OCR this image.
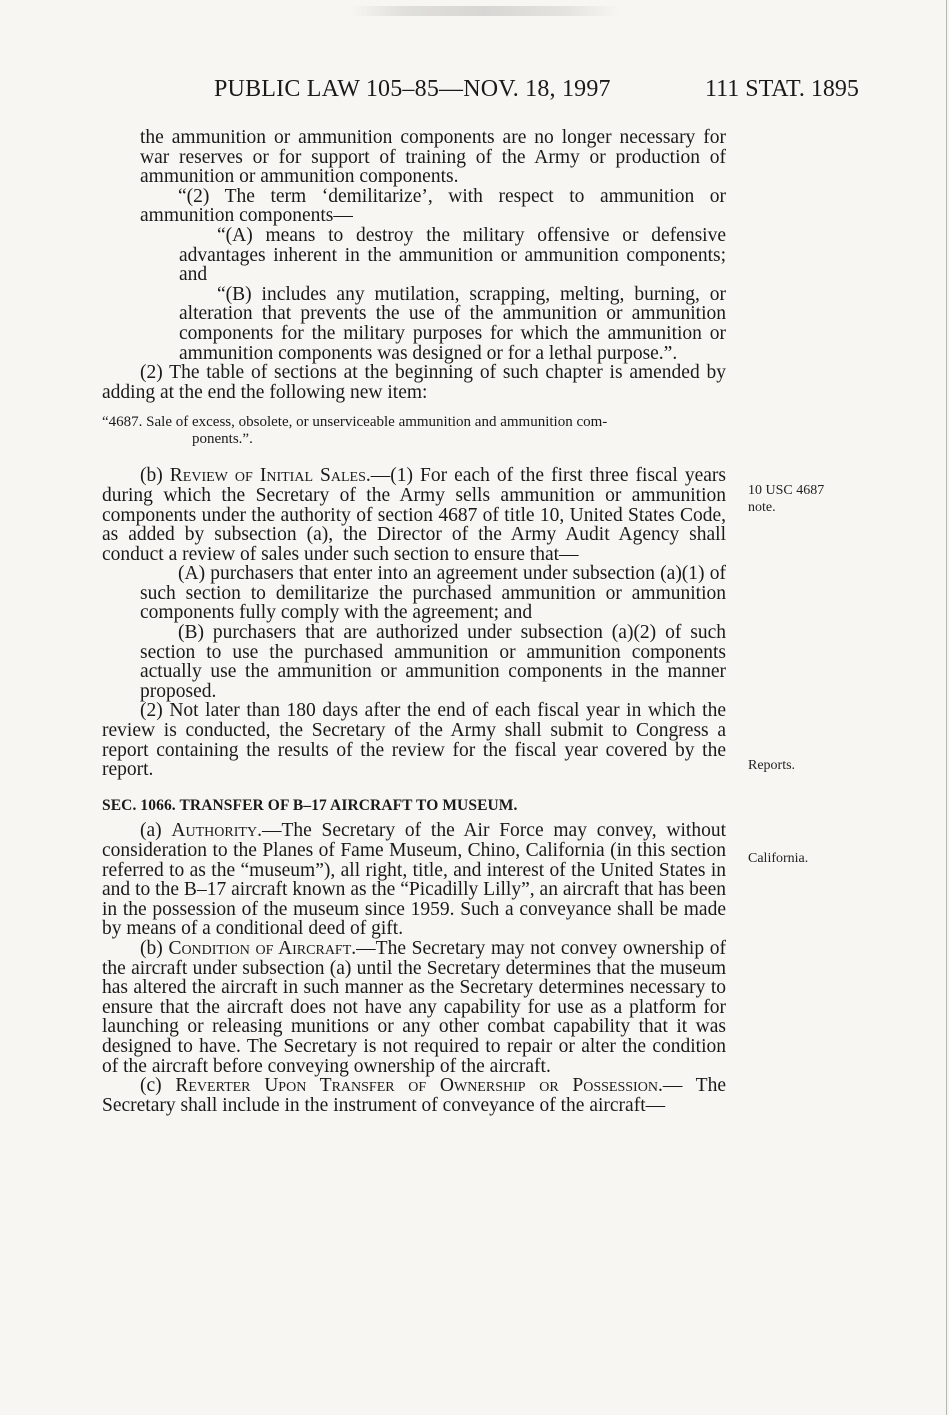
PUBLIC LAW 105–85—NOV. 18, 1997	111 STAT. 1895
10 USC 4687 note.
Reports.
California.

the ammunition or ammunition components are no longer necessary for war reserves or for support of training of the Army or production of ammunition or ammunition components.

“(2) The term ‘demilitarize’, with respect to ammunition or ammunition components—

“(A) means to destroy the military offensive or defensive advantages inherent in the ammunition or ammunition components; and

“(B) includes any mutilation, scrapping, melting, burning, or alteration that prevents the use of the ammunition or ammunition components for the military purposes for which the ammunition or ammunition components was designed or for a lethal purpose.”.

(2) The table of sections at the beginning of such chapter is amended by adding at the end the following new item:

“4687. Sale of excess, obsolete, or unserviceable ammunition and ammunition com-
ponents.”.

(b) Review of Initial Sales.—(1) For each of the first three fiscal years during which the Secretary of the Army sells ammunition or ammunition components under the authority of section 4687 of title 10, United States Code, as added by subsection (a), the Director of the Army Audit Agency shall conduct a review of sales under such section to ensure that—

(A) purchasers that enter into an agreement under subsection (a)(1) of such section to demilitarize the purchased ammunition or ammunition components fully comply with the agreement; and

(B) purchasers that are authorized under subsection (a)(2) of such section to use the purchased ammunition or ammunition components actually use the ammunition or ammunition components in the manner proposed.

(2) Not later than 180 days after the end of each fiscal year in which the review is conducted, the Secretary of the Army shall submit to Congress a report containing the results of the review for the fiscal year covered by the report.

SEC. 1066. TRANSFER OF B–17 AIRCRAFT TO MUSEUM.

(a) Authority.—The Secretary of the Air Force may convey, without consideration to the Planes of Fame Museum, Chino, California (in this section referred to as the “museum”), all right, title, and interest of the United States in and to the B–17 aircraft known as the “Picadilly Lilly”, an aircraft that has been in the possession of the museum since 1959. Such a conveyance shall be made by means of a conditional deed of gift.

(b) Condition of Aircraft.—The Secretary may not convey ownership of the aircraft under subsection (a) until the Secretary determines that the museum has altered the aircraft in such manner as the Secretary determines necessary to ensure that the aircraft does not have any capability for use as a platform for launching or releasing munitions or any other combat capability that it was designed to have. The Secretary is not required to repair or alter the condition of the aircraft before conveying ownership of the aircraft.

(c) Reverter Upon Transfer of Ownership or Possession.— The Secretary shall include in the instrument of conveyance of the aircraft—
